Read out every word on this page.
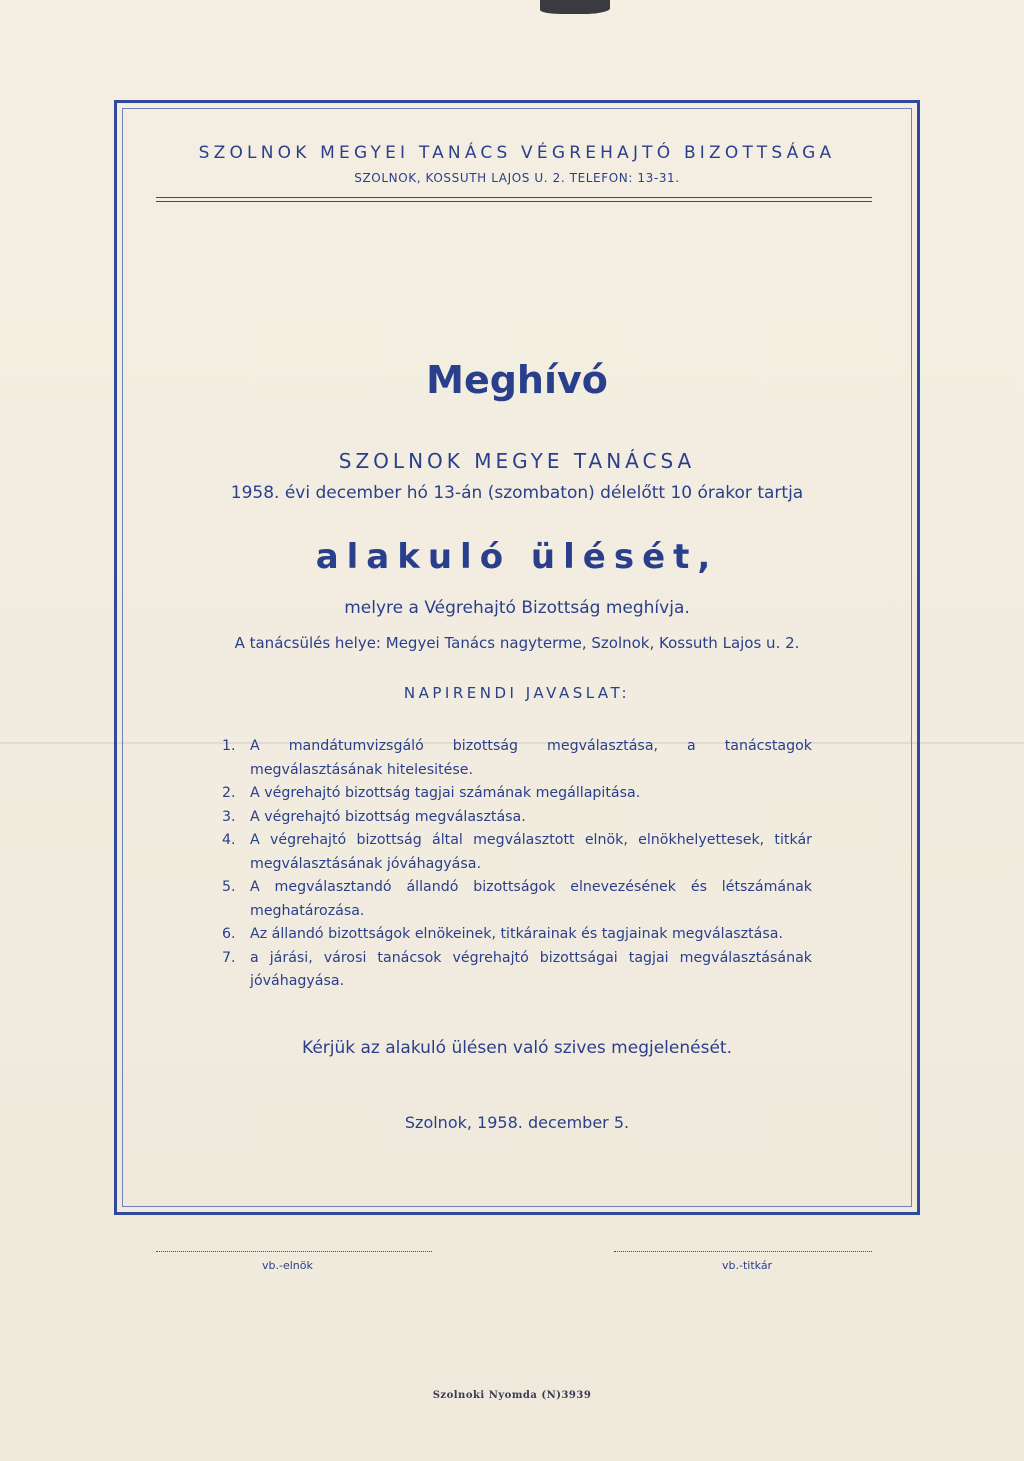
SZOLNOK MEGYEI TANÁCS VÉGREHAJTÓ BIZOTTSÁGA
SZOLNOK, KOSSUTH LAJOS U. 2. TELEFON: 13-31.
Meghívó
SZOLNOK MEGYE TANÁCSA
1958. évi december hó 13-án (szombaton) délelőtt 10 órakor tartja
alakuló ülését,
melyre a Végrehajtó Bizottság meghívja.
A tanácsülés helye: Megyei Tanács nagyterme, Szolnok, Kossuth Lajos u. 2.
NAPIRENDI JAVASLAT:
1.	A mandátumvizsgáló bizottság megválasztása, a tanácstagok megválasztásának hitelesitése.
2.	A végrehajtó bizottság tagjai számának megállapitása.
3.	A végrehajtó bizottság megválasztása.
4.	A végrehajtó bizottság által megválasztott elnök, elnökhelyettesek, titkár megválasztásának jóváhagyása.
5.	A megválasztandó állandó bizottságok elnevezésének és létszámának meghatározása.
6.	Az állandó bizottságok elnökeinek, titkárainak és tagjainak megválasztása.
7.	a járási, városi tanácsok végrehajtó bizottságai tagjai megválasztásának jóváhagyása.
Kérjük az alakuló ülésen való szives megjelenését.
Szolnok, 1958. december 5.
vb.-elnök	vb.-titkár
Szolnoki Nyomda (N)3939
